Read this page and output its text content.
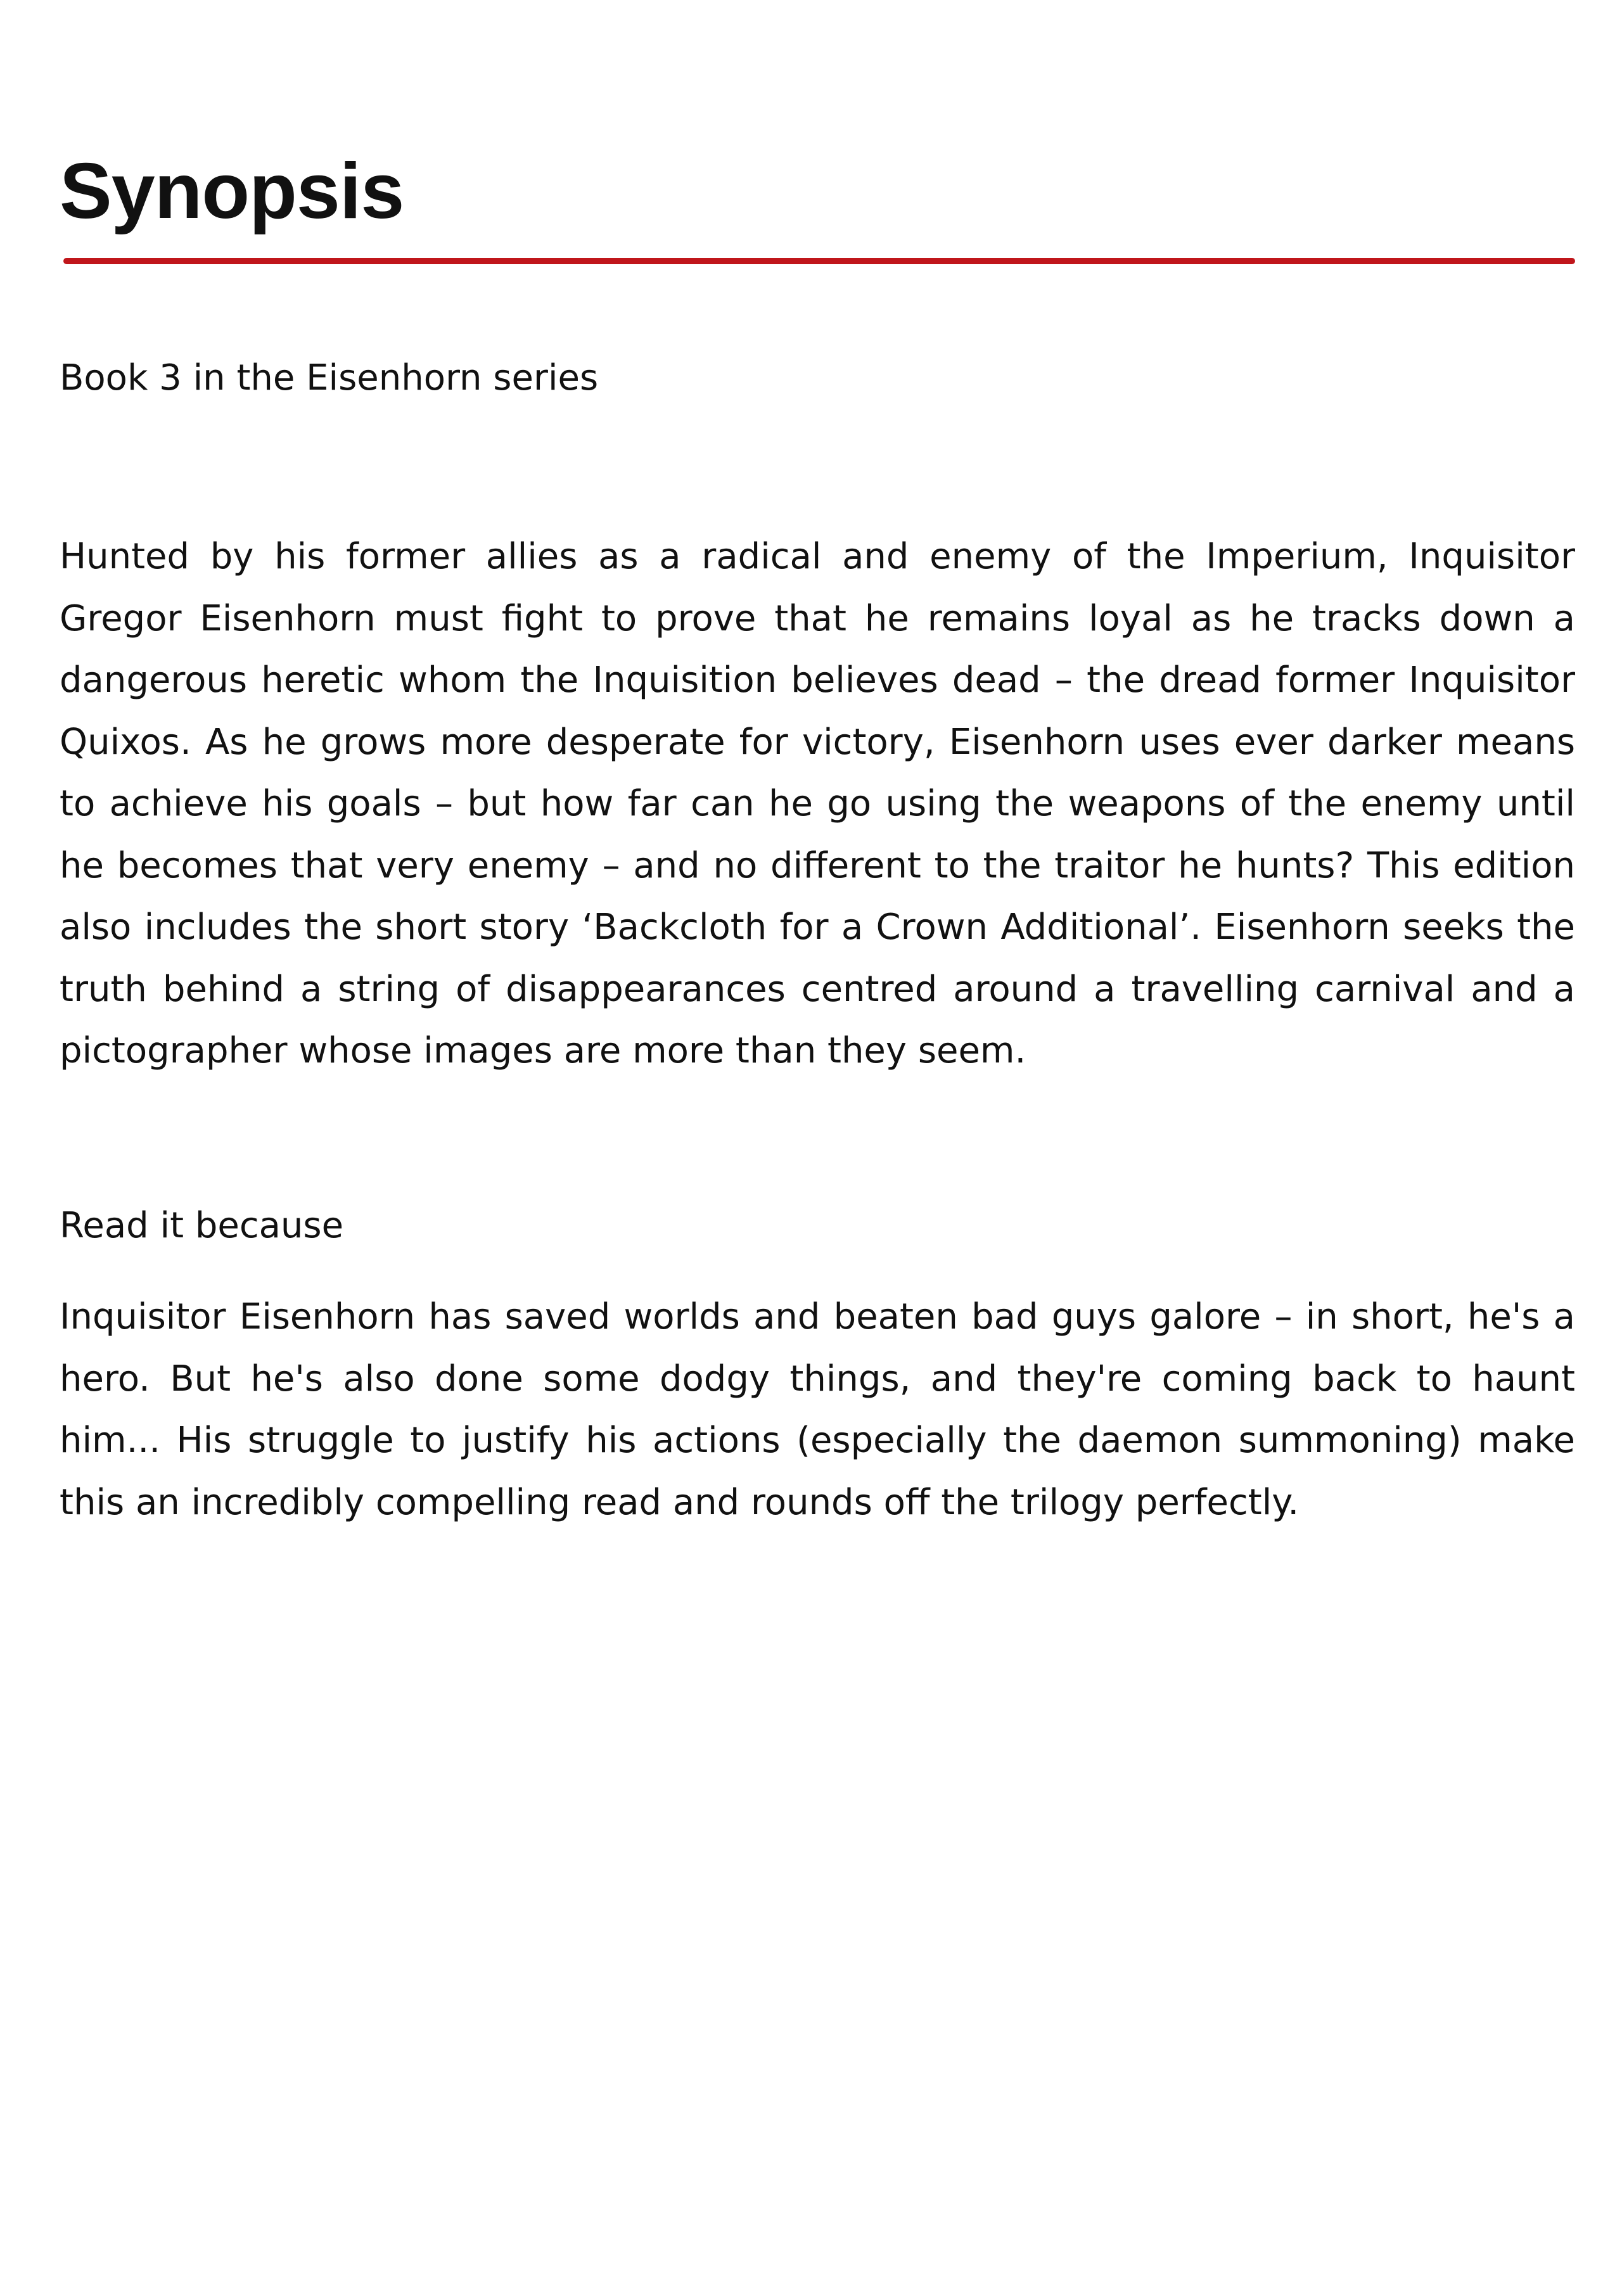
Synopsis

Book 3 in the Eisenhorn series

Hunted by his former allies as a radical and enemy of the Imperium, Inquisitor Gregor Eisenhorn must fight to prove that he remains loyal as he tracks down a dangerous heretic whom the Inquisition believes dead – the dread former Inquisitor Quixos. As he grows more desperate for victory, Eisenhorn uses ever darker means to achieve his goals – but how far can he go using the weapons of the enemy until he becomes that very enemy – and no different to the traitor he hunts? This edition also includes the short story ‘Backcloth for a Crown Additional’. Eisenhorn seeks the truth behind a string of disappearances centred around a travelling carnival and a pictographer whose images are more than they seem.

Read it because

Inquisitor Eisenhorn has saved worlds and beaten bad guys galore – in short, he's a hero. But he's also done some dodgy things, and they're coming back to haunt him... His struggle to justify his actions (especially the daemon summoning) make this an incredibly compelling read and rounds off the trilogy perfectly.
